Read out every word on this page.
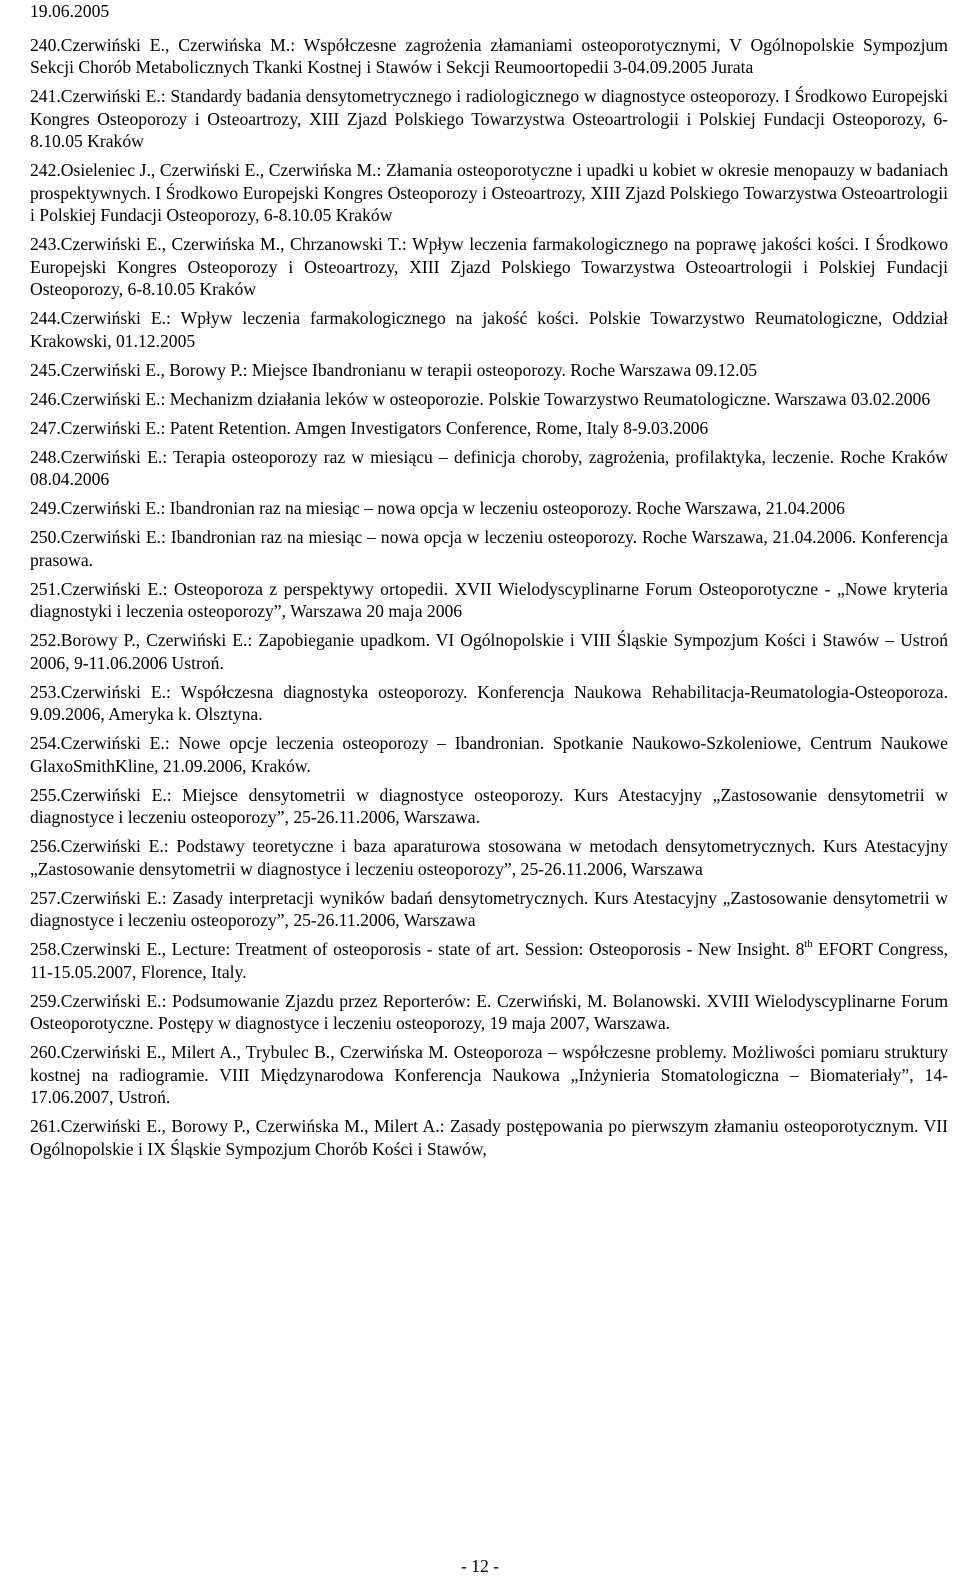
19.06.2005
240.Czerwiński E., Czerwińska M.: Współczesne zagrożenia złamaniami osteoporotycznymi, V Ogólnopolskie Sympozjum Sekcji Chorób Metabolicznych Tkanki Kostnej i Stawów i Sekcji Reumoortopedii 3-04.09.2005 Jurata
241.Czerwiński E.: Standardy badania densytometrycznego i radiologicznego w diagnostyce osteoporozy. I Środkowo Europejski Kongres Osteoporozy i Osteoartrozy, XIII Zjazd Polskiego Towarzystwa Osteoartrologii i Polskiej Fundacji Osteoporozy, 6-8.10.05 Kraków
242.Osieleniec J., Czerwiński E., Czerwińska M.: Złamania osteoporotyczne i upadki u kobiet w okresie menopauzy w badaniach prospektywnych. I Środkowo Europejski Kongres Osteoporozy i Osteoartrozy, XIII Zjazd Polskiego Towarzystwa Osteoartrologii i Polskiej Fundacji Osteoporozy, 6-8.10.05 Kraków
243.Czerwiński E., Czerwińska M., Chrzanowski T.: Wpływ leczenia farmakologicznego na poprawę jakości kości. I Środkowo Europejski Kongres Osteoporozy i Osteoartrozy, XIII Zjazd Polskiego Towarzystwa Osteoartrologii i Polskiej Fundacji Osteoporozy, 6-8.10.05 Kraków
244.Czerwiński E.: Wpływ leczenia farmakologicznego na jakość kości. Polskie Towarzystwo Reumatologiczne, Oddział Krakowski, 01.12.2005
245.Czerwiński E., Borowy P.: Miejsce Ibandronianu w terapii osteoporozy. Roche Warszawa 09.12.05
246.Czerwiński E.: Mechanizm działania leków w osteoporozie. Polskie Towarzystwo Reumatologiczne. Warszawa 03.02.2006
247.Czerwiński E.: Patent Retention. Amgen Investigators Conference, Rome, Italy 8-9.03.2006
248.Czerwiński E.: Terapia osteoporozy raz w miesiącu – definicja choroby, zagrożenia, profilaktyka, leczenie. Roche Kraków 08.04.2006
249.Czerwiński E.: Ibandronian raz na miesiąc – nowa opcja w leczeniu osteoporozy. Roche Warszawa, 21.04.2006
250.Czerwiński E.: Ibandronian raz na miesiąc – nowa opcja w leczeniu osteoporozy. Roche Warszawa, 21.04.2006. Konferencja prasowa.
251.Czerwiński E.: Osteoporoza z perspektywy ortopedii. XVII Wielodyscyplinarne Forum Osteoporotyczne - „Nowe kryteria diagnostyki i leczenia osteoporozy”, Warszawa 20 maja 2006
252.Borowy P., Czerwiński E.: Zapobieganie upadkom. VI Ogólnopolskie i VIII Śląskie Sympozjum Kości i Stawów – Ustroń 2006, 9-11.06.2006 Ustroń.
253.Czerwiński E.: Współczesna diagnostyka osteoporozy. Konferencja Naukowa Rehabilitacja-Reumatologia-Osteoporoza. 9.09.2006, Ameryka k. Olsztyna.
254.Czerwiński E.: Nowe opcje leczenia osteoporozy – Ibandronian. Spotkanie Naukowo-Szkoleniowe, Centrum Naukowe GlaxoSmithKline, 21.09.2006, Kraków.
255.Czerwiński E.: Miejsce densytometrii w diagnostyce osteoporozy. Kurs Atestacyjny „Zastosowanie densytometrii w diagnostyce i leczeniu osteoporozy”, 25-26.11.2006, Warszawa.
256.Czerwiński E.: Podstawy teoretyczne i baza aparaturowa stosowana w metodach densytometrycznych. Kurs Atestacyjny „Zastosowanie densytometrii w diagnostyce i leczeniu osteoporozy”, 25-26.11.2006, Warszawa
257.Czerwiński E.: Zasady interpretacji wyników badań densytometrycznych. Kurs Atestacyjny „Zastosowanie densytometrii w diagnostyce i leczeniu osteoporozy”, 25-26.11.2006, Warszawa
258.Czerwinski E., Lecture: Treatment of osteoporosis - state of art. Session: Osteoporosis - New Insight. 8th EFORT Congress, 11-15.05.2007, Florence, Italy.
259.Czerwiński E.: Podsumowanie Zjazdu przez Reporterów: E. Czerwiński, M. Bolanowski. XVIII Wielodyscyplinarne Forum Osteoporotyczne. Postępy w diagnostyce i leczeniu osteoporozy, 19 maja 2007, Warszawa.
260.Czerwiński E., Milert A., Trybulec B., Czerwińska M. Osteoporoza – współczesne problemy. Możliwości pomiaru struktury kostnej na radiogramie. VIII Międzynarodowa Konferencja Naukowa „Inżynieria Stomatologiczna – Biomateriały”, 14-17.06.2007, Ustroń.
261.Czerwiński E., Borowy P., Czerwińska M., Milert A.: Zasady postępowania po pierwszym złamaniu osteoporotycznym. VII Ogólnopolskie i IX Śląskie Sympozjum Chorób Kości i Stawów,
- 12 -
